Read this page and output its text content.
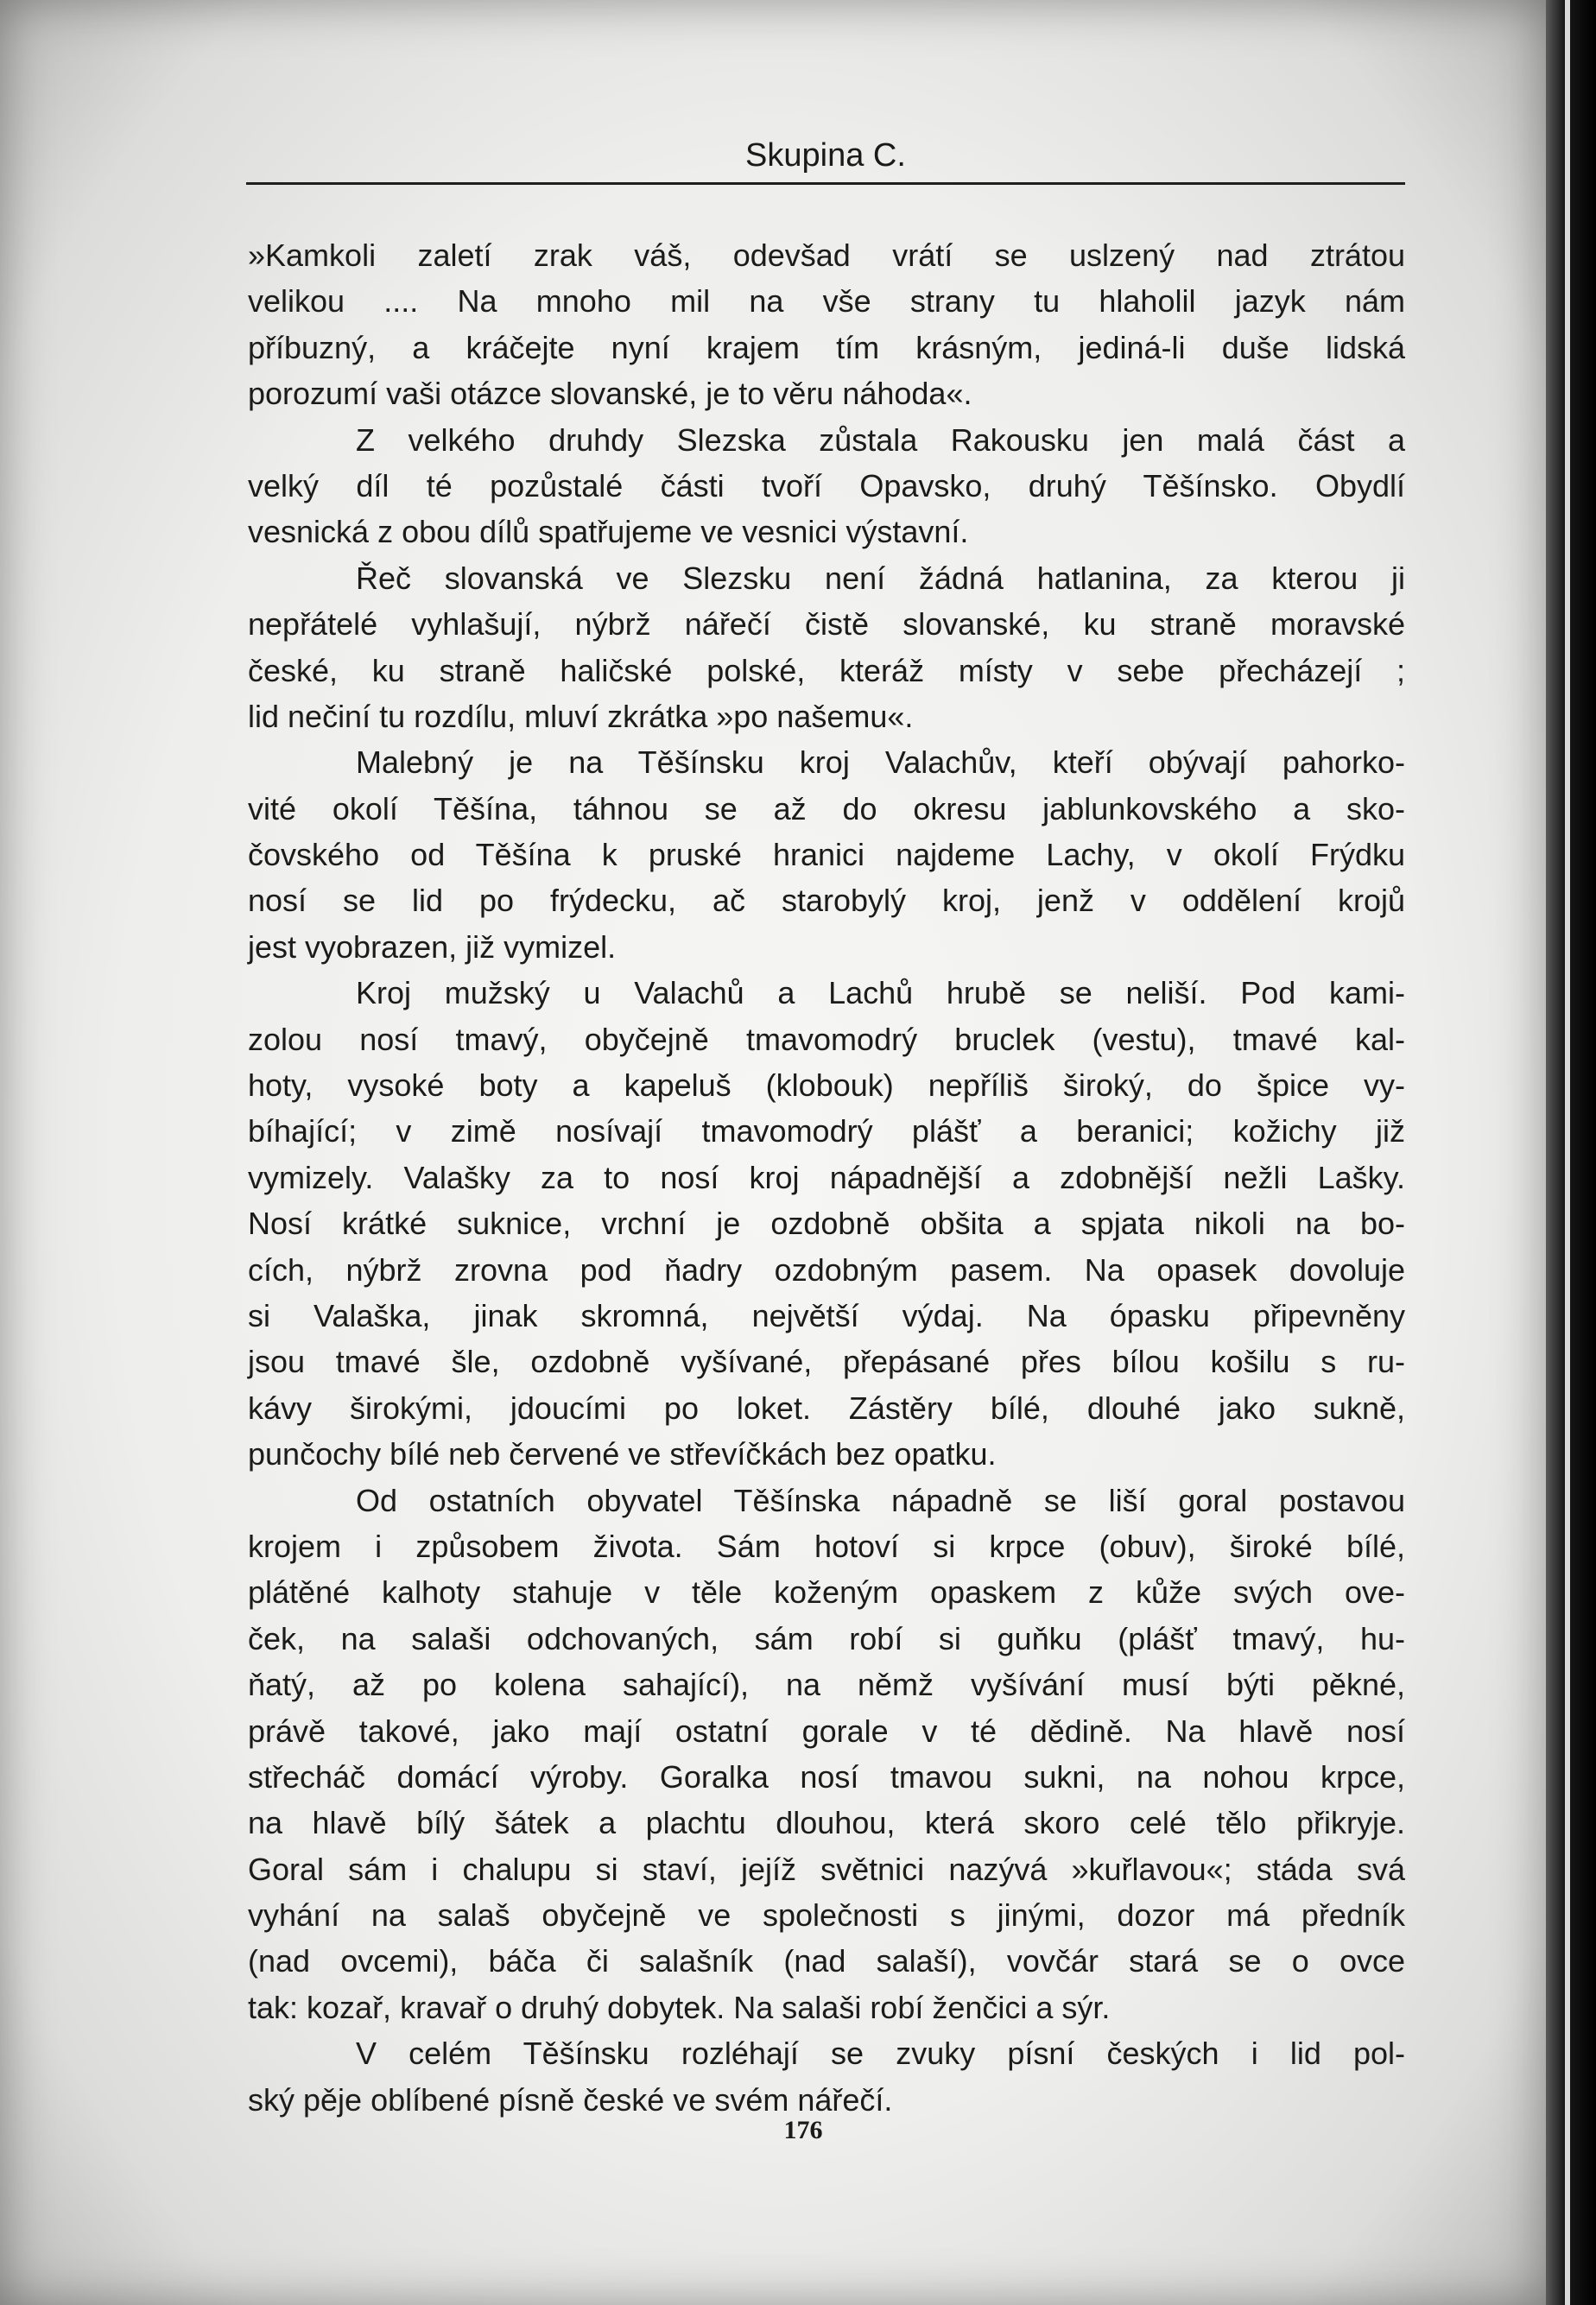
Skupina C.
»Kamkoli zaletí zrak váš, odevšad vrátí se uslzený nad ztrátou
velikou .... Na mnoho mil na vše strany tu hlaholil jazyk nám
příbuzný, a kráčejte nyní krajem tím krásným, jediná-li duše lidská
porozumí vaši otázce slovanské, je to věru náhoda«.
Z velkého druhdy Slezska zůstala Rakousku jen malá část a
velký díl té pozůstalé části tvoří Opavsko, druhý Těšínsko. Obydlí
vesnická z obou dílů spatřujeme ve vesnici výstavní.
Řeč slovanská ve Slezsku není žádná hatlanina, za kterou ji
nepřátelé vyhlašují, nýbrž nářečí čistě slovanské, ku straně moravské
české, ku straně haličské polské, kteráž místy v sebe přecházejí ;
lid nečiní tu rozdílu, mluví zkrátka »po našemu«.
Malebný je na Těšínsku kroj Valachův, kteří obývají pahorko-
vité okolí Těšína, táhnou se až do okresu jablunkovského a sko-
čovského od Těšína k pruské hranici najdeme Lachy, v okolí Frýdku
nosí se lid po frýdecku, ač starobylý kroj, jenž v oddělení krojů
jest vyobrazen, již vymizel.
Kroj mužský u Valachů a Lachů hrubě se neliší. Pod kami-
zolou nosí tmavý, obyčejně tmavomodrý bruclek (vestu), tmavé kal-
hoty, vysoké boty a kapeluš (klobouk) nepříliš široký, do špice vy-
bíhající; v zimě nosívají tmavomodrý plášť a beranici; kožichy již
vymizely. Valašky za to nosí kroj nápadnější a zdobnější nežli Lašky.
Nosí krátké suknice, vrchní je ozdobně obšita a spjata nikoli na bo-
cích, nýbrž zrovna pod ňadry ozdobným pasem. Na opasek dovoluje
si Valaška, jinak skromná, největší výdaj. Na ópasku připevněny
jsou tmavé šle, ozdobně vyšívané, přepásané přes bílou košilu s ru-
kávy širokými, jdoucími po loket. Zástěry bílé, dlouhé jako sukně,
punčochy bílé neb červené ve střevíčkách bez opatku.
Od ostatních obyvatel Těšínska nápadně se liší goral postavou
krojem i způsobem života. Sám hotoví si krpce (obuv), široké bílé,
plátěné kalhoty stahuje v těle koženým opaskem z kůže svých ove-
ček, na salaši odchovaných, sám robí si guňku (plášť tmavý, hu-
ňatý, až po kolena sahající), na němž vyšívání musí býti pěkné,
právě takové, jako mají ostatní gorale v té dědině. Na hlavě nosí
střecháč domácí výroby. Goralka nosí tmavou sukni, na nohou krpce,
na hlavě bílý šátek a plachtu dlouhou, která skoro celé tělo přikryje.
Goral sám i chalupu si staví, jejíž světnici nazývá »kuřlavou«; stáda svá
vyhání na salaš obyčejně ve společnosti s jinými, dozor má předník
(nad ovcemi), báča či salašník (nad salaší), vovčár stará se o ovce
tak: kozař, kravař o druhý dobytek. Na salaši robí ženčici a sýr.
V celém Těšínsku rozléhají se zvuky písní českých i lid pol-
ský pěje oblíbené písně české ve svém nářečí.
176
